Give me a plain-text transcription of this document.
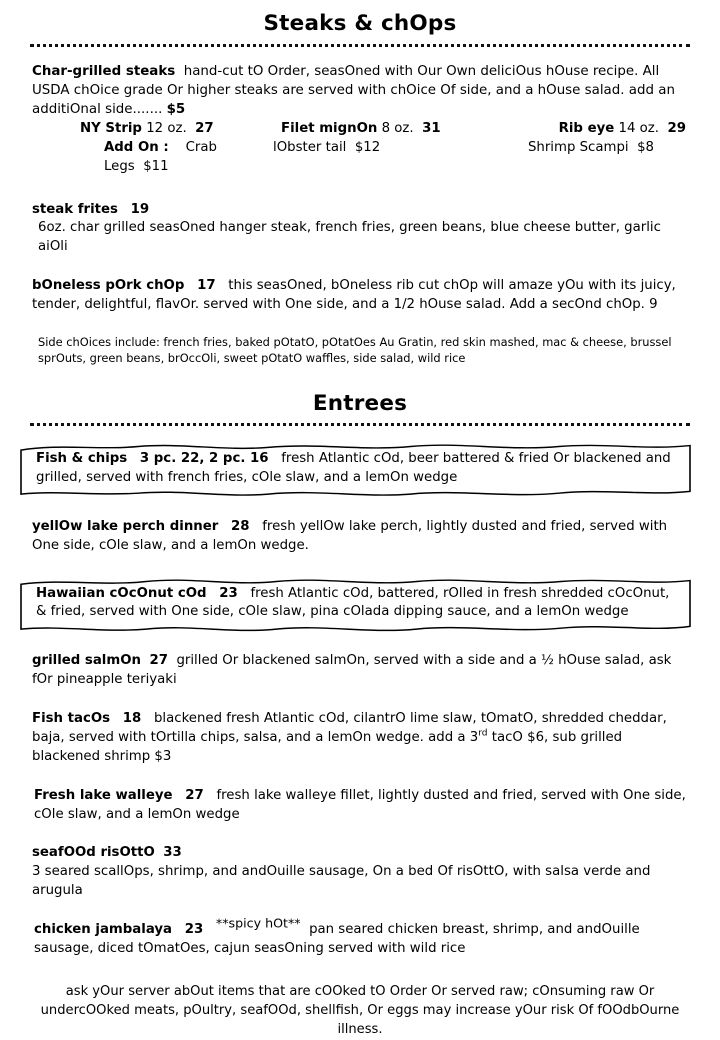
Steaks & chOps
Char-grilled steaks hand-cut tO Order, seasOned with Our Own deliciOus hOuse recipe. All USDA chOice grade Or higher steaks are served with chOice Of side, and a hOuse salad. add an additiOnal side....... $5
NY Strip 12 oz. 27	Filet mignOn 8 oz. 31	Rib eye 14 oz. 29
Add On : Crab Legs $11
lObster tail $12	Shrimp Scampi $8
steak frites 19
6oz. char grilled seasOned hanger steak, french fries, green beans, blue cheese butter, garlic aiOli
bOneless pOrk chOp 17 this seasOned, bOneless rib cut chOp will amaze yOu with its juicy, tender, delightful, flavOr. served with One side, and a 1/2 hOuse salad. Add a secOnd chOp. 9
Side chOices include: french fries, baked pOtatO, pOtatOes Au Gratin, red skin mashed, mac & cheese, brussel sprOuts, green beans, brOccOli, sweet pOtatO waffles, side salad, wild rice
Entrees
Fish & chips 3 pc. 22, 2 pc. 16 fresh Atlantic cOd, beer battered & fried Or blackened and grilled, served with french fries, cOle slaw, and a lemOn wedge
yellOw lake perch dinner 28 fresh yellOw lake perch, lightly dusted and fried, served with One side, cOle slaw, and a lemOn wedge.
Hawaiian cOcOnut cOd 23 fresh Atlantic cOd, battered, rOlled in fresh shredded cOcOnut, & fried, served with One side, cOle slaw, pina cOlada dipping sauce, and a lemOn wedge
grilled salmOn 27 grilled Or blackened salmOn, served with a side and a ½ hOuse salad, ask fOr pineapple teriyaki
Fish tacOs 18 blackened fresh Atlantic cOd, cilantrO lime slaw, tOmatO, shredded cheddar, baja, served with tOrtilla chips, salsa, and a lemOn wedge. add a 3rd tacO $6, sub grilled blackened shrimp $3
Fresh lake walleye 27 fresh lake walleye fillet, lightly dusted and fried, served with One side, cOle slaw, and a lemOn wedge
seafOOd risOttO 33
3 seared scallOps, shrimp, and andOuille sausage, On a bed Of risOttO, with salsa verde and arugula
chicken jambalaya 23 **spicy hOt** pan seared chicken breast, shrimp, and andOuille sausage, diced tOmatOes, cajun seasOning served with wild rice
ask yOur server abOut items that are cOOked tO Order Or served raw; cOnsuming raw Or undercOOked meats, pOultry, seafOOd, shellfish, Or eggs may increase yOur risk Of fOOdbOurne illness.
